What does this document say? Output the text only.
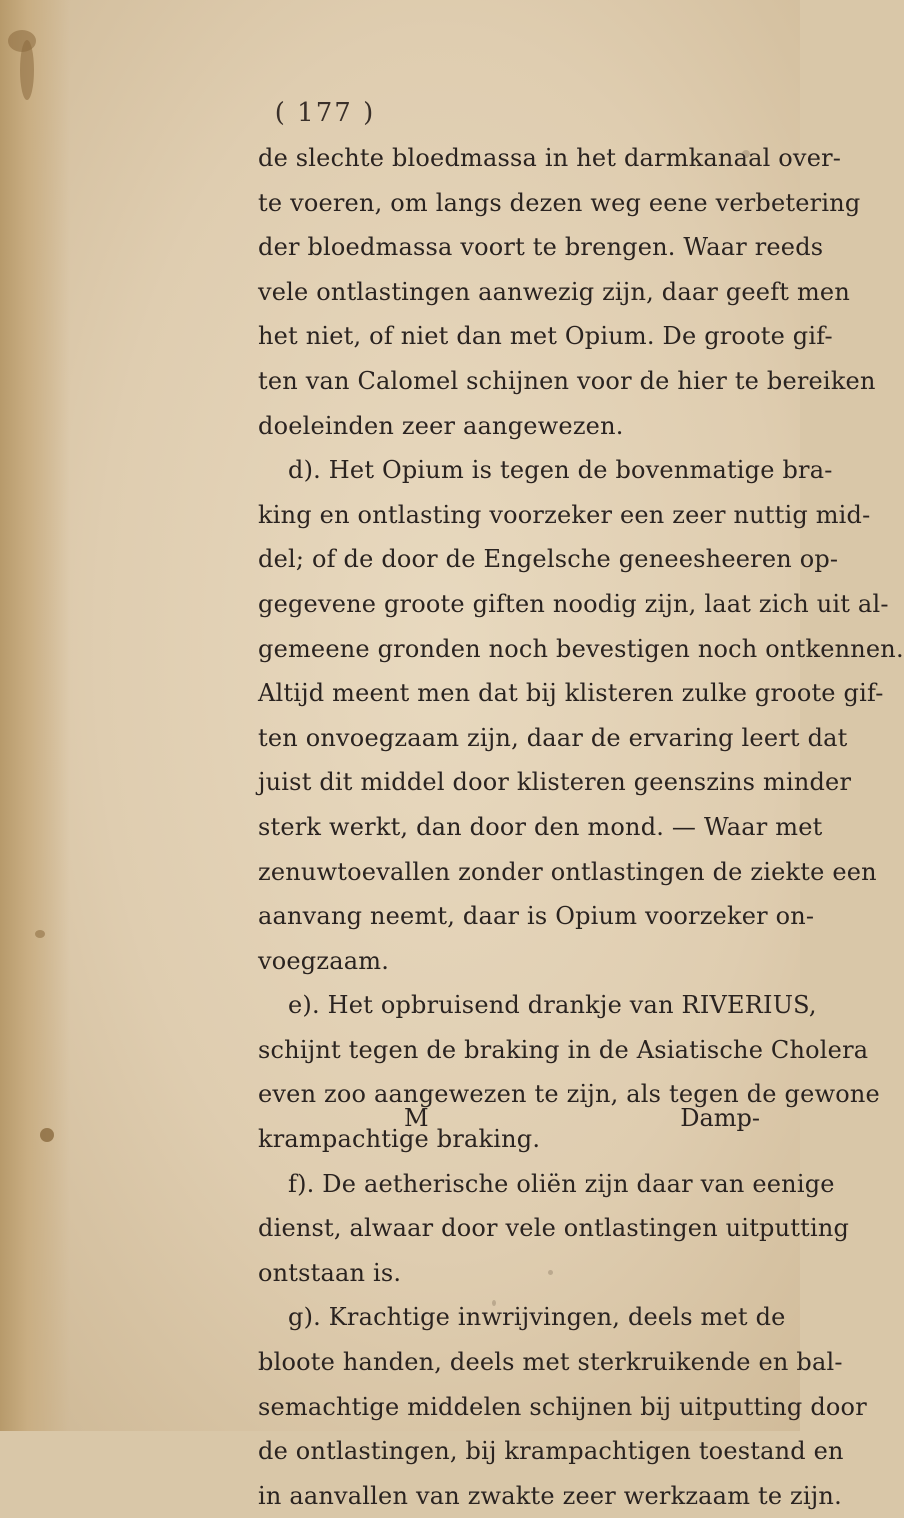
( 177 )
de slechte bloedmassa in het darmkanaal over-
te voeren, om langs dezen weg eene verbetering
der bloedmassa voort te brengen. Waar reeds
vele ontlastingen aanwezig zijn, daar geeft men
het niet, of niet dan met Opium. De groote gif-
ten van Calomel schijnen voor de hier te bereiken
doeleinden zeer aangewezen.
d). Het Opium is tegen de bovenmatige bra-
king en ontlasting voorzeker een zeer nuttig mid-
del; of de door de Engelsche geneesheeren op-
gegevene groote giften noodig zijn, laat zich uit al-
gemeene gronden noch bevestigen noch ontkennen.
Altijd meent men dat bij klisteren zulke groote gif-
ten onvoegzaam zijn, daar de ervaring leert dat
juist dit middel door klisteren geenszins minder
sterk werkt, dan door den mond. — Waar met
zenuwtoevallen zonder ontlastingen de ziekte een
aanvang neemt, daar is Opium voorzeker on-
voegzaam.
e). Het opbruisend drankje van RIVERIUS,
schijnt tegen de braking in de Asiatische Cholera
even zoo aangewezen te zijn, als tegen de gewone
krampachtige braking.
f). De aetherische oliën zijn daar van eenige
dienst, alwaar door vele ontlastingen uitputting
ontstaan is.
g). Krachtige inwrijvingen, deels met de
bloote handen, deels met sterkruikende en bal-
semachtige middelen schijnen bij uitputting door
de ontlastingen, bij krampachtigen toestand en
in aanvallen van zwakte zeer werkzaam te zijn.
M	Damp-
